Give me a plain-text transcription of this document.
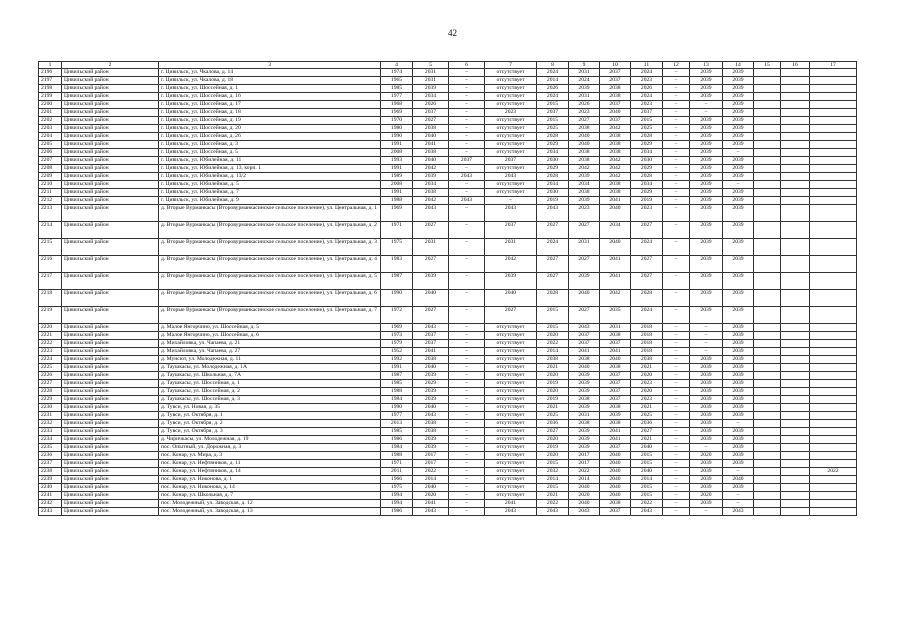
42
1	2	3	4	5	6	7	8	9	10	11	12	13	14	15	16	17
2196	Цивильский район	г. Цивильск, ул. Чкалова, д. 14	1974	2031	–	отсутствует	2024	2031	2037	2024	–	2039	2039			
2197	Цивильский район	г. Цивильск, ул. Чкалова, д. 18	1965	2031	–	отсутствует	2014	2024	2037	2023	–	2039	2039			
2198	Цивильский район	г. Цивильск, ул. Шоссейная, д. 1	1985	2039	–	отсутствует	2026	2039	2038	2026	–	2039	2039			
2199	Цивильский район	г. Цивильск, ул. Шоссейная, д. 16	1977	2034	–	отсутствует	2024	2031	2038	2024	–	2039	2039			
2200	Цивильский район	г. Цивильск, ул. Шоссейная, д. 17	1968	2026	–	отсутствует	2015	2026	2037	2023	–	–	2039			
2201	Цивильский район	г. Цивильск, ул. Шоссейная, д. 18	1969	2037	–	2023	2037	2023	2040	2037	–	–	2039			
2202	Цивильский район	г. Цивильск, ул. Шоссейная, д. 19	1970	2027	–	отсутствует	2015	2027	2037	2015	–	2039	2039			
2203	Цивильский район	г. Цивильск, ул. Шоссейная, д. 20	1980	2038	–	отсутствует	2025	2038	2042	2025	–	2039	2039			
2204	Цивильский район	г. Цивильск, ул. Шоссейная, д. 26	1990	2040	–	отсутствует	2028	2040	2038	2028	–	2039	2039			
2205	Цивильский район	г. Цивильск, ул. Шоссейная, д. 3	1991	2041	–	отсутствует	2029	2040	2038	2029	–	2039	2039			
2206	Цивильский район	г. Цивильск, ул. Шоссейная, д. 5	2008	2038	–	отсутствует	2034	2038	2038	2034	–	2039	–			
2207	Цивильский район	г. Цивильск, ул. Юбилейная, д. 11	1993	2040	2037	2037	2030	2038	2042	2030	–	2039	2039			
2208	Цивильский район	г. Цивильск, ул. Юбилейная, д. 13, корп. 1	1991	2042	–	отсутствует	2029	2042	2042	2029	–	2039	2039			
2209	Цивильский район	г. Цивильск, ул. Юбилейная, д. 13/2	1989	2039	2043	2043	2028	2039	2042	2028	–	2039	2039			
2210	Цивильский район	г. Цивильск, ул. Юбилейная, д. 5	2008	2034	–	отсутствует	2034	2034	2038	2034	–	2039	–			
2211	Цивильский район	г. Цивильск, ул. Юбилейная, д. 7	1991	2038	–	отсутствует	2030	2038	2038	2029	–	2039	2039			
2212	Цивильский район	г. Цивильск, ул. Юбилейная, д. 9	1988	2042	2043	–	2019	2039	2041	2019	–	2039	2039			
2213	Цивильский район	д. Вторые Вурманкасы (Второвурманкасинское сельское поселение), ул. Центральная, д. 1	1969	2043	–	2043	2043	2023	2040	2023	–	2039	2039			
2214	Цивильский район	д. Вторые Вурманкасы (Второвурманкасинское сельское поселение), ул. Центральная, д. 2	1971	2027	–	2037	2027	2027	2034	2027	–	2039	2039			
2215	Цивильский район	д. Вторые Вурманкасы (Второвурманкасинское сельское поселение), ул. Центральная, д. 3	1975	2031	–	2031	2024	2031	2040	2024	–	2039	2039			
2216	Цивильский район	д. Вторые Вурманкасы (Второвурманкасинское сельское поселение), ул. Центральная, д. 4	1983	2027	–	2042	2027	2027	2041	2027	–	2039	2039			
2217	Цивильский район	д. Вторые Вурманкасы (Второвурманкасинское сельское поселение), ул. Центральная, д. 5	1987	2039	–	2039	2027	2039	2041	2027	–	2039	2039			
2218	Цивильский район	д. Вторые Вурманкасы (Второвурманкасинское сельское поселение), ул. Центральная, д. 6	1990	2040	–	2040	2028	2040	2042	2028	–	2039	2039			
2219	Цивильский район	д. Вторые Вурманкасы (Второвурманкасинское сельское поселение), ул. Центральная, д. 7	1972	2027	–	2027	2015	2027	2035	2024	–	2039	2039			
2220	Цивильский район	д. Малое Янгорчино, ул. Шоссейная, д. 5	1969	2043	–	отсутствует	2015	2043	2031	2018	–	–	2039			
2221	Цивильский район	д. Малое Янгорчино, ул. Шоссейная, д. 6	1973	2037	–	отсутствует	2020	2037	2038	2018	–	–	2039			
2222	Цивильский район	д. Михайловка, ул. Чапаева, д. 21	1979	2037	–	отсутствует	2022	2037	2037	2018	–	–	2039			
2223	Цивильский район	д. Михайловка, ул. Чапаева, д. 27	1952	2041	–	отсутствует	2014	2041	2041	2018	–	–	2039			
2224	Цивильский район	д. Мунсют, ул. Молодежная, д. 11	1992	2038	–	отсутствует	2038	2038	2040	2038	–	2039	2039			
2225	Цивильский район	д. Таушкасы, ул. Молодежная, д. 1А	1991	2040	–	отсутствует	2021	2040	2038	2021	–	2039	2039			
2226	Цивильский район	д. Таушкасы, ул. Школьная, д. 7А	1987	2039	–	отсутствует	2020	2039	2037	2020	–	2039	2039			
2227	Цивильский район	д. Таушкасы, ул. Шоссейная, д. 1	1985	2029	–	отсутствует	2019	2039	2037	2023	–	2039	2039			
2228	Цивильский район	д. Таушкасы, ул. Шоссейная, д. 2	1988	2039	–	отсутствует	2020	2039	2037	2020	–	2039	2039			
2229	Цивильский район	д. Таушкасы, ул. Шоссейная, д. 3	1984	2039	–	отсутствует	2019	2038	2037	2023	–	2039	2039			
2230	Цивильский район	д. Тувси, ул. Новая, д. 35	1990	2040	–	отсутствует	2021	2039	2038	2021	–	2039	2039			
2231	Цивильский район	д. Тувси, ул. Октября, д. 1	1977	2043	–	отсутствует	2025	2031	2039	2025	–	2039	2039			
2232	Цивильский район	д. Тувси, ул. Октября, д. 2	2013	2038	–	отсутствует	2036	2038	2038	2036	–	2039	–			
2233	Цивильский район	д. Тувси, ул. Октября, д. 3	1985	2038	–	отсутствует	2027	2039	2041	2027	–	2039	2039			
2234	Цивильский район	д. Чиричкасы, ул. Молодежная, д. 19	1986	2039	–	отсутствует	2020	2039	2041	2021	–	2039	2039			
2235	Цивильский район	пос. Опытный, ул. Дорожная, д. 3	1984	2039	–	отсутствует	2019	2039	2037	2040	–	–	2039			
2236	Цивильский район	пос. Конар, ул. Мира, д. 3	1988	2017	–	отсутствует	2020	2017	2040	2015	–	2020	2039			
2237	Цивильский район	пос. Конар, ул. Нефтяников, д. 11	1971	2017	–	отсутствует	2015	2017	2040	2015	–	2039	2039			
2238	Цивильский район	пос. Конар, ул. Нефтяников, д. 14	2011	2022	–	отсутствует	2032	2022	2040	2040	–	2039	–			2022
2239	Цивильский район	пос. Конар, ул. Никонова, д. 1	1966	2014	–	отсутствует	2014	2014	2040	2014	–	2039	2040			
2240	Цивильский район	пос. Конар, ул. Никонова, д. 14	1975	2040	–	отсутствует	2015	2040	2040	2015	–	2039	2039			
2241	Цивильский район	пос. Конар, ул. Школьная, д. 7	1994	2020	–	отсутствует	2021	2020	2040	2015	–	2020	–			
2242	Цивильский район	пос. Молодежный, ул. Заводская, д. 12	1994	2041	–	2041	2022	2040	2038	2022	–	2039	–			
2243	Цивильский район	пос. Молодежный, ул. Заводская, д. 13	1986	2043	–	2043	2043	2043	2037	2043	–	–	2043			
